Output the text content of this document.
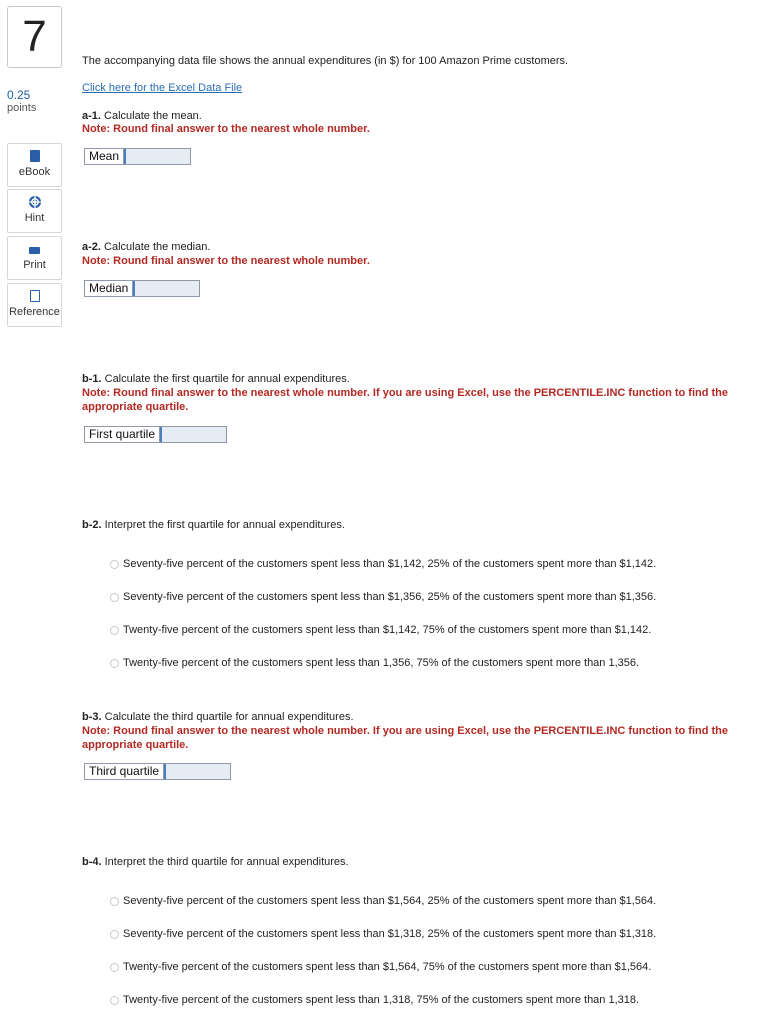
7
0.25
points
eBook
Hint
Print
Reference
The accompanying data file shows the annual expenditures (in $) for 100 Amazon Prime customers.
Click here for the Excel Data File
a-1. Calculate the mean.
Note: Round final answer to the nearest whole number.
Mean
a-2. Calculate the median.
Note: Round final answer to the nearest whole number.
Median
b-1. Calculate the first quartile for annual expenditures.
Note: Round final answer to the nearest whole number. If you are using Excel, use the PERCENTILE.INC function to find the appropriate quartile.
First quartile
b-2. Interpret the first quartile for annual expenditures.
Seventy-five percent of the customers spent less than $1,142, 25% of the customers spent more than $1,142.
Seventy-five percent of the customers spent less than $1,356, 25% of the customers spent more than $1,356.
Twenty-five percent of the customers spent less than $1,142, 75% of the customers spent more than $1,142.
Twenty-five percent of the customers spent less than 1,356, 75% of the customers spent more than 1,356.
b-3. Calculate the third quartile for annual expenditures.
Note: Round final answer to the nearest whole number. If you are using Excel, use the PERCENTILE.INC function to find the appropriate quartile.
Third quartile
b-4. Interpret the third quartile for annual expenditures.
Seventy-five percent of the customers spent less than $1,564, 25% of the customers spent more than $1,564.
Seventy-five percent of the customers spent less than $1,318, 25% of the customers spent more than $1,318.
Twenty-five percent of the customers spent less than $1,564, 75% of the customers spent more than $1,564.
Twenty-five percent of the customers spent less than 1,318, 75% of the customers spent more than 1,318.
